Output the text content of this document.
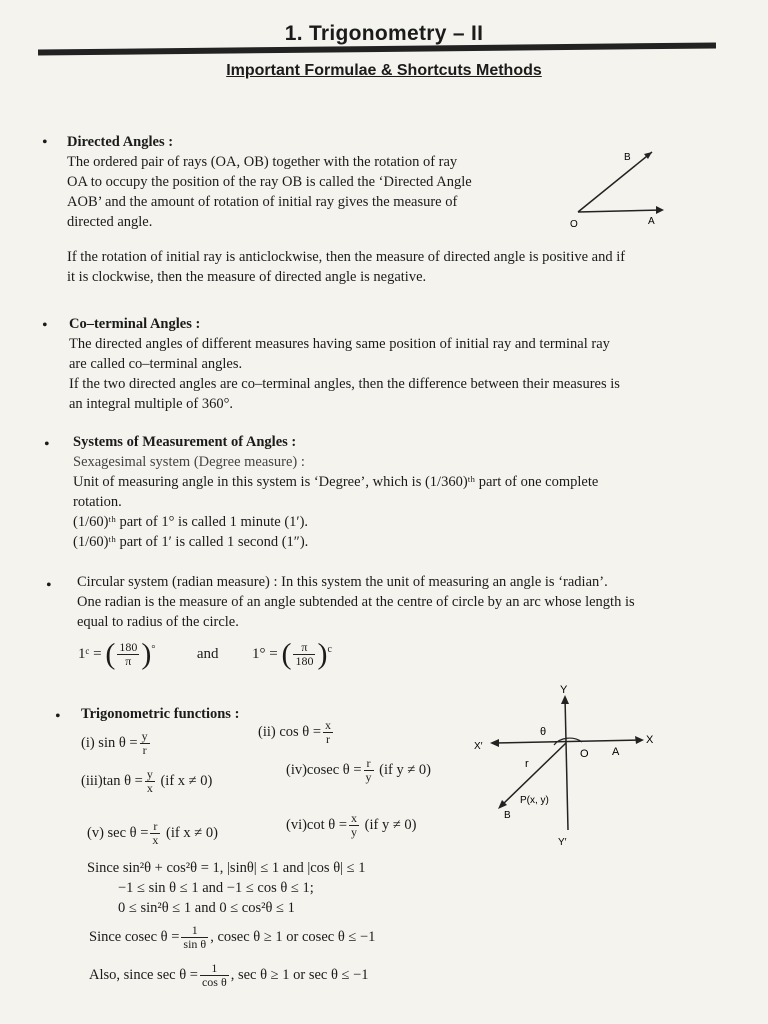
1. Trigonometry – II
Important Formulae & Shortcuts Methods
• Directed Angles :
The ordered pair of rays (OA, OB) together with the rotation of ray
OA to occupy the position of the ray OB is called the ‘Directed Angle
AOB’ and the amount of rotation of initial ray gives the measure of
directed angle.
B
O	A
If the rotation of initial ray is anticlockwise, then the measure of directed angle is positive and if
it is clockwise, then the measure of directed angle is negative.
• Co–terminal Angles :
The directed angles of different measures having same position of initial ray and terminal ray
are called co–terminal angles.
If the two directed angles are co–terminal angles, then the difference between their measures is
an integral multiple of 360°.
• Systems of Measurement of Angles :
Sexagesimal system (Degree measure) :
Unit of measuring angle in this system is ‘Degree’, which is (1/360)ᵗʰ part of one complete
rotation.
(1/60)ᵗʰ part of 1° is called 1 minute (1′).
(1/60)ᵗʰ part of 1′ is called 1 second (1″).
• Circular system (radian measure) : In this system the unit of measuring an angle is ‘radian’.
One radian is the measure of an angle subtended at the centre of circle by an arc whose length is
equal to radius of the circle.
1ᶜ = ( $\frac{180}{\pi} )^\circ$	and 1° = ( $\frac{\pi}{180} )^c$
• Trigonometric functions :
(i) $\sin \theta = \frac{y}{r}$	(ii) $\cos \theta = \frac{x}{r}$
(iii)tan $\theta = \frac{y}{x} (if$ x ≠ 0)
(iv)cosec $\theta = \frac{r}{y} (if$ y ≠ 0)
(v) $\sec \theta = \frac{r}{x} (if$ x ≠ 0)	(vi)cot $\theta = \frac{x}{y} (if$ y ≠ 0)
Since sin²θ + cos²θ = 1, |sinθ| ≤ 1 and |cos θ| ≤ 1
−1 ≤ sin θ ≤ 1 and −1 ≤ cos θ ≤ 1;
0 ≤ sin²θ ≤ 1 and 0 ≤ cos²θ ≤ 1
Since cosec $\theta = \frac{1}{\text{sin θ}}$ , cosec θ ≥ 1 or cosec θ ≤ −1
Also, since $\sec \theta = \frac{1}{\text{cos θ}}$ , sec θ ≥ 1 or sec θ ≤ −1
Y
Y′
X
X′
O A
θ
r
B
P(x, y)
